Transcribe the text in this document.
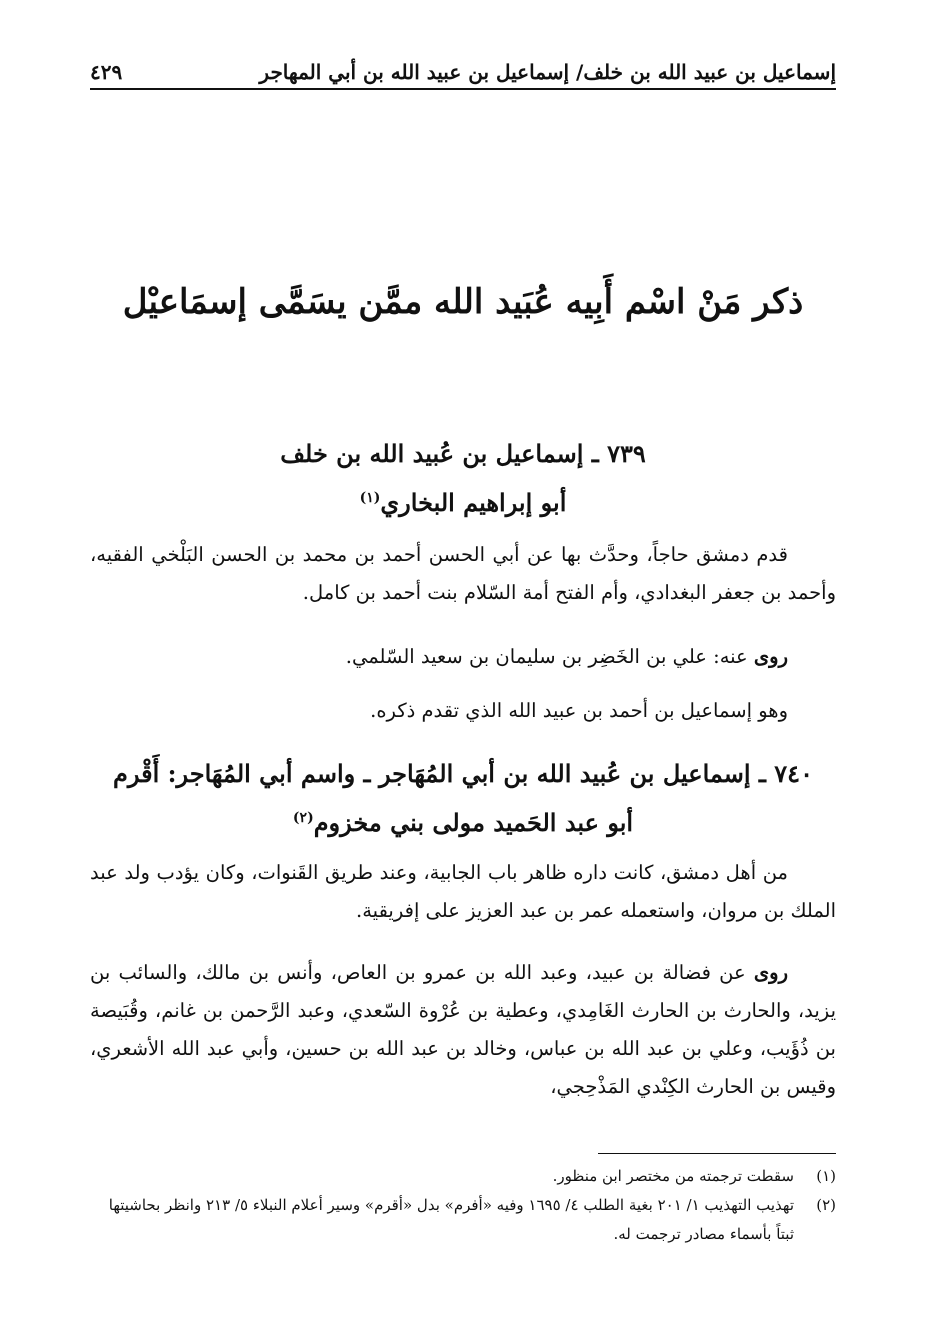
إسماعيل بن عبيد الله بن خلف/ إسماعيل بن عبيد الله بن أبي المهاجر
٤٢٩
ذكر مَنْ اسْم أَبِيه عُبَيد الله ممَّن يسَمَّى إسمَاعيْل
٧٣٩ ـ إسماعيل بن عُبيد الله بن خلف
أبو إبراهيم البخاري$^{(١)}$
قدم دمشق حاجاً، وحدَّث بها عن أبي الحسن أحمد بن محمد بن الحسن البَلْخي الفقيه، وأحمد بن جعفر البغدادي، وأم الفتح أمة السّلام بنت أحمد بن كامل.
روى عنه: علي بن الخَضِر بن سليمان بن سعيد السّلمي.
وهو إسماعيل بن أحمد بن عبيد الله الذي تقدم ذكره.
٧٤٠ ـ إسماعيل بن عُبيد الله بن أبي المُهَاجر ـ واسم أبي المُهَاجر: أَقْرم
أبو عبد الحَميد مولى بني مخزوم$^{(٢)}$
من أهل دمشق، كانت داره ظاهر باب الجابية، وعند طريق القَنوات، وكان يؤدب ولد عبد الملك بن مروان، واستعمله عمر بن عبد العزيز على إفريقية.
روى عن فضالة بن عبيد، وعبد الله بن عمرو بن العاص، وأنس بن مالك، والسائب بن يزيد، والحارث بن الحارث الغَامِدي، وعطية بن عُرْوة السّعدي، وعبد الرَّحمن بن غانم، وقُبَيصة بن ذُؤَيب، وعلي بن عبد الله بن عباس، وخالد بن عبد الله بن حسين، وأبي عبد الله الأشعري، وقيس بن الحارث الكِنْدي المَذْحِجي،
(١)
سقطت ترجمته من مختصر ابن منظور.
(٢)
تهذيب التهذيب ١/ ٢٠١ بغية الطلب ٤/ ١٦٩٥ وفيه «أفرم» بدل «أقرم» وسير أعلام النبلاء ٥/ ٢١٣ وانظر بحاشيتها ثبتاً بأسماء مصادر ترجمت له.
